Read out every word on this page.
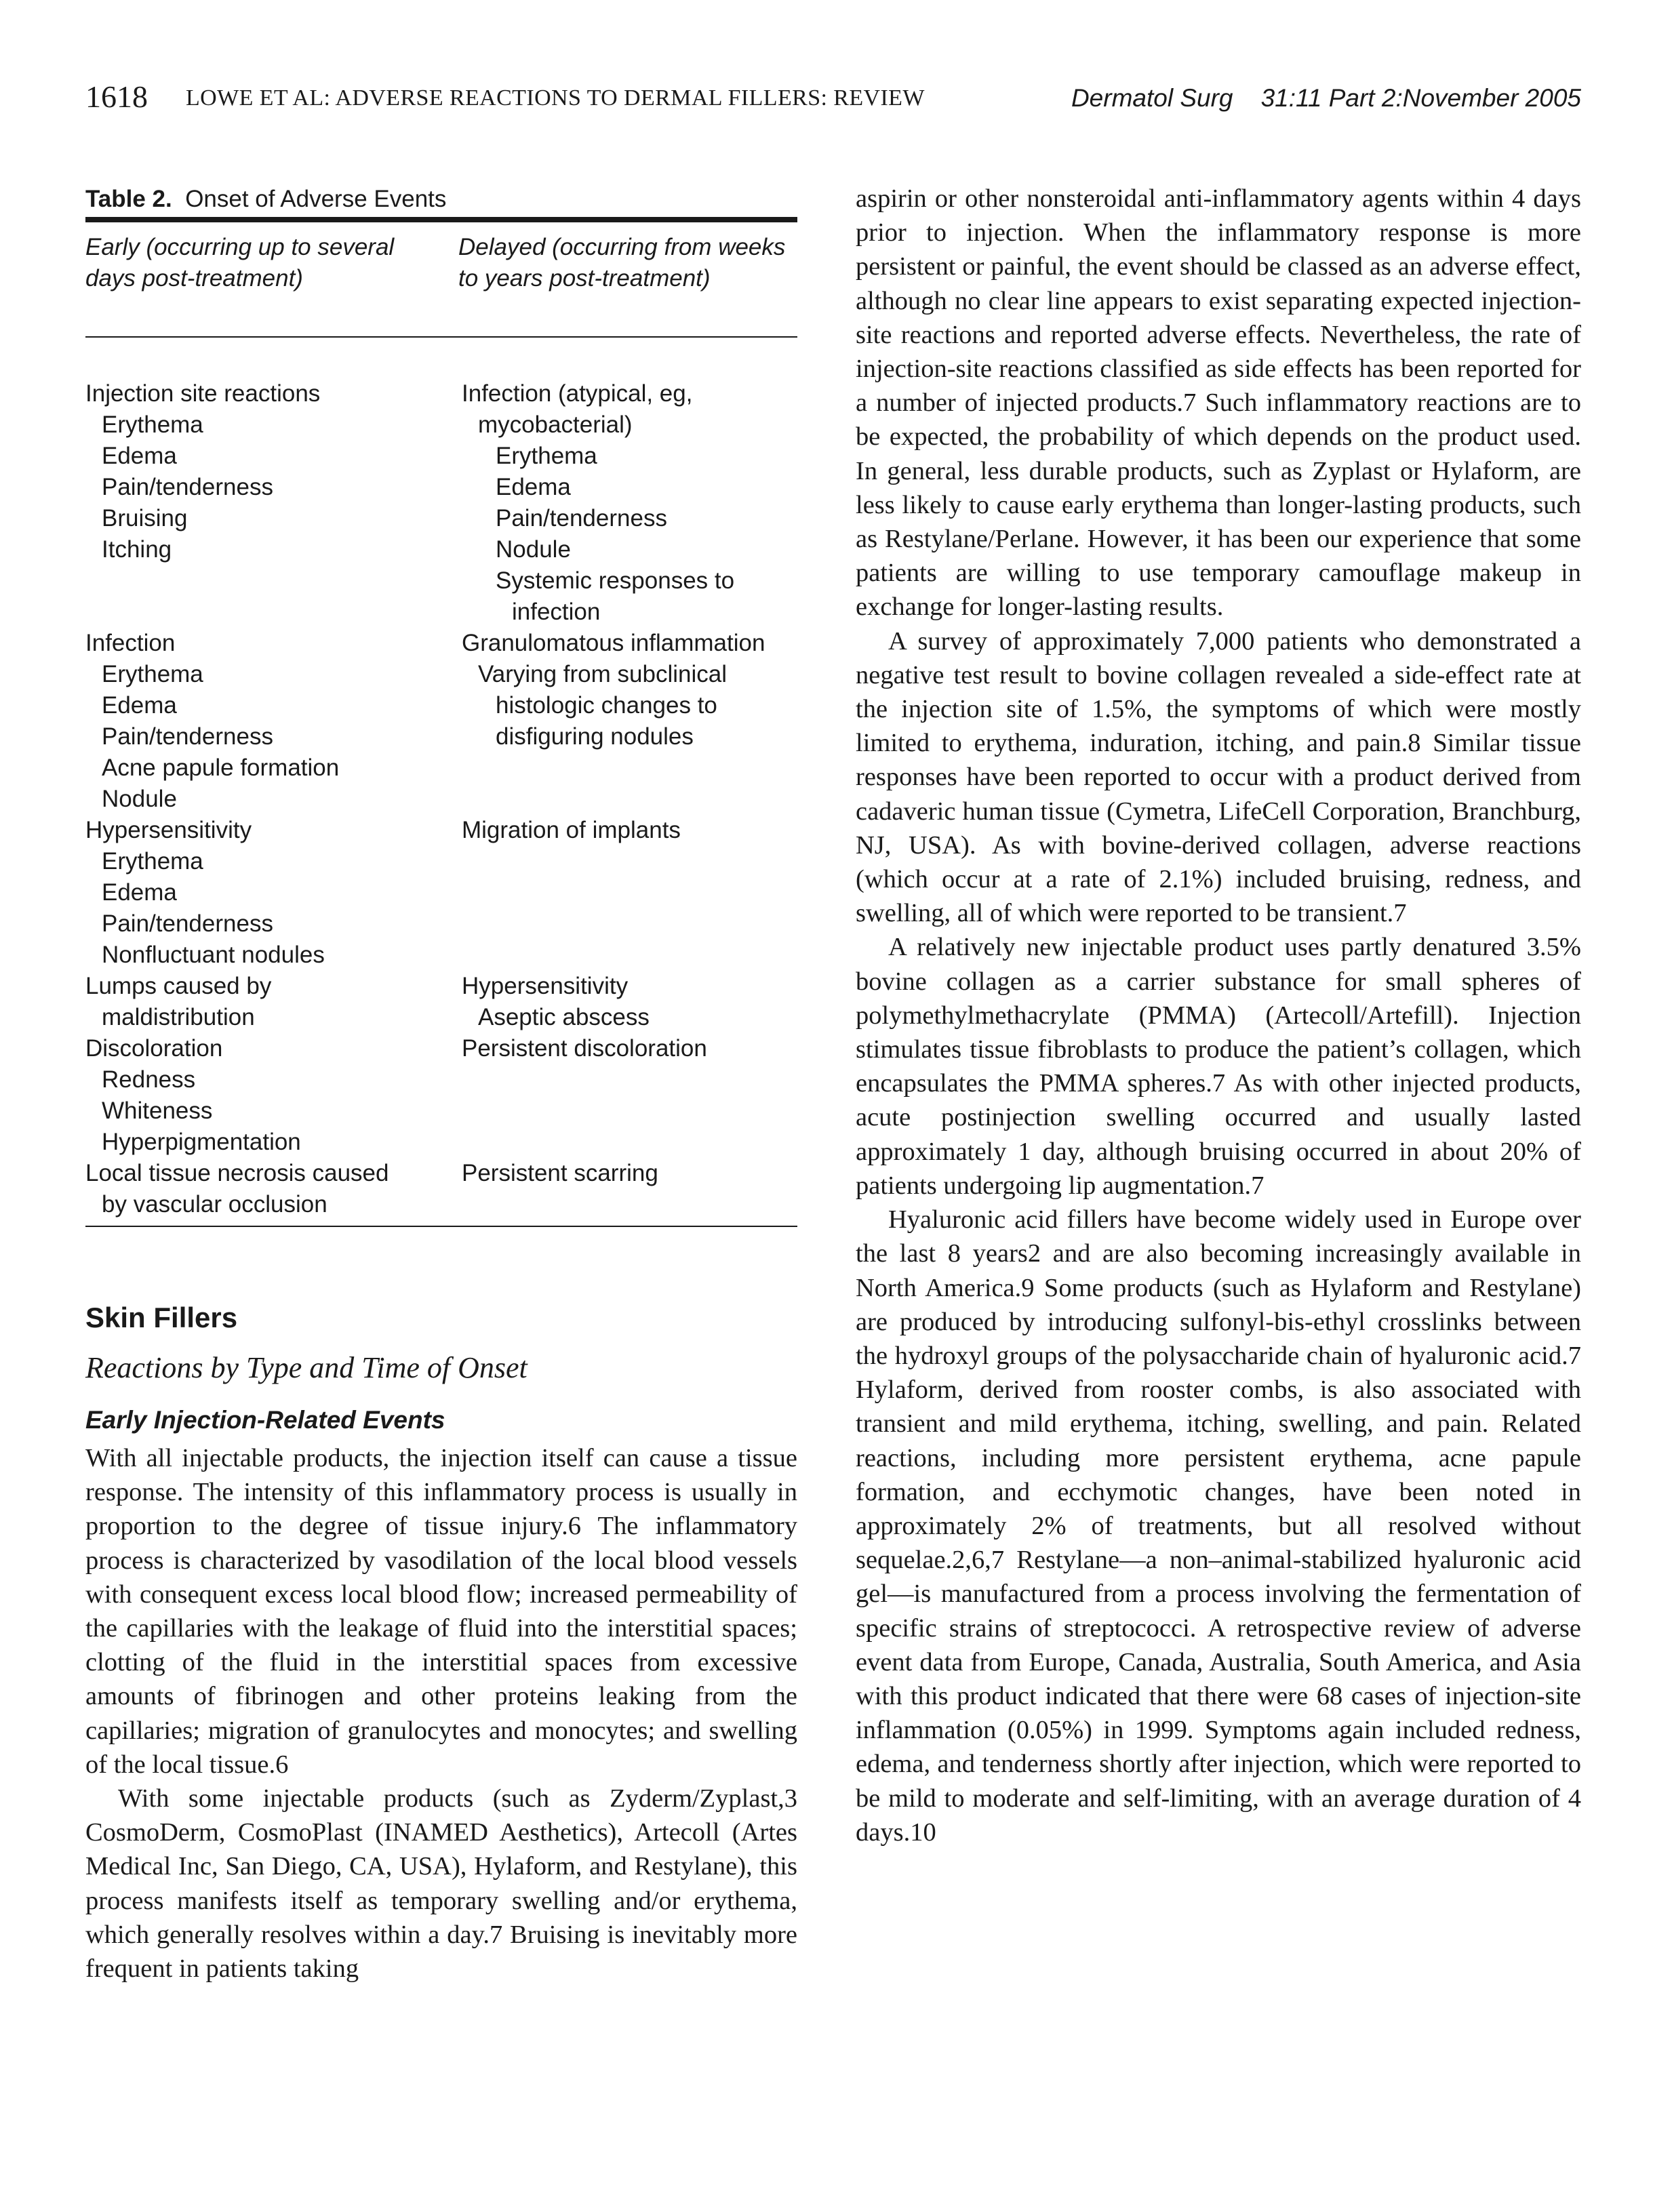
1618 LOWE ET AL: ADVERSE REACTIONS TO DERMAL FILLERS: REVIEW	Dermatol Surg    31:11 Part 2:November 2005
Table 2. Onset of Adverse Events
Early (occurring up to several days post-treatment)
Delayed (occurring from weeks to years post-treatment)
Injection site reactions
Erythema
Edema
Pain/tenderness
Bruising
Itching
Infection
Erythema
Edema
Pain/tenderness
Acne papule formation
Nodule
Hypersensitivity
Erythema
Edema
Pain/tenderness
Nonfluctuant nodules
Lumps caused by
maldistribution
Discoloration
Redness
Whiteness
Hyperpigmentation
Local tissue necrosis caused
by vascular occlusion
Infection (atypical, eg,
mycobacterial)
Erythema
Edema
Pain/tenderness
Nodule
Systemic responses to
infection
Granulomatous inflammation
Varying from subclinical
histologic changes to
disfiguring nodules
Migration of implants
Hypersensitivity
Aseptic abscess
Persistent discoloration
Persistent scarring
Skin Fillers
Reactions by Type and Time of Onset
Early Injection-Related Events

With all injectable products, the injection itself can cause a tissue response. The intensity of this inflammatory process is usually in proportion to the degree of tissue injury.6 The inflammatory process is characterized by vasodilation of the local blood vessels with consequent excess local blood flow; increased permeability of the capillaries with the leakage of fluid into the interstitial spaces; clotting of the fluid in the interstitial spaces from excessive amounts of fibrinogen and other proteins leaking from the capillaries; migration of granulocytes and monocytes; and swelling of the local tissue.6

With some injectable products (such as Zyderm/Zyplast,3 CosmoDerm, CosmoPlast (INAMED Aesthetics), Artecoll (Artes Medical Inc, San Diego, CA, USA), Hylaform, and Restylane), this process manifests itself as temporary swelling and/or erythema, which generally resolves within a day.7 Bruising is inevitably more frequent in patients taking

aspirin or other nonsteroidal anti-inflammatory agents within 4 days prior to injection. When the inflammatory response is more persistent or painful, the event should be classed as an adverse effect, although no clear line appears to exist separating expected injection-site reactions and reported adverse effects. Nevertheless, the rate of injection-site reactions classified as side effects has been reported for a number of injected products.7 Such inflammatory reactions are to be expected, the probability of which depends on the product used. In general, less durable products, such as Zyplast or Hylaform, are less likely to cause early erythema than longer-lasting products, such as Restylane/Perlane. However, it has been our experience that some patients are willing to use temporary camouflage makeup in exchange for longer-lasting results.

A survey of approximately 7,000 patients who demonstrated a negative test result to bovine collagen revealed a side-effect rate at the injection site of 1.5%, the symptoms of which were mostly limited to erythema, induration, itching, and pain.8 Similar tissue responses have been reported to occur with a product derived from cadaveric human tissue (Cymetra, LifeCell Corporation, Branchburg, NJ, USA). As with bovine-derived collagen, adverse reactions (which occur at a rate of 2.1%) included bruising, redness, and swelling, all of which were reported to be transient.7

A relatively new injectable product uses partly denatured 3.5% bovine collagen as a carrier substance for small spheres of polymethylmethacrylate (PMMA) (Artecoll/Artefill). Injection stimulates tissue fibroblasts to produce the patient’s collagen, which encapsulates the PMMA spheres.7 As with other injected products, acute postinjection swelling occurred and usually lasted approximately 1 day, although bruising occurred in about 20% of patients undergoing lip augmentation.7

Hyaluronic acid fillers have become widely used in Europe over the last 8 years2 and are also becoming increasingly available in North America.9 Some products (such as Hylaform and Restylane) are produced by introducing sulfonyl-bis-ethyl crosslinks between the hydroxyl groups of the polysaccharide chain of hyaluronic acid.7 Hylaform, derived from rooster combs, is also associated with transient and mild erythema, itching, swelling, and pain. Related reactions, including more persistent erythema, acne papule formation, and ecchymotic changes, have been noted in approximately 2% of treatments, but all resolved without sequelae.2,6,7 Restylane—a non–animal-stabilized hyaluronic acid gel—is manufactured from a process involving the fermentation of specific strains of streptococci. A retrospective review of adverse event data from Europe, Canada, Australia, South America, and Asia with this product indicated that there were 68 cases of injection-site inflammation (0.05%) in 1999. Symptoms again included redness, edema, and tenderness shortly after injection, which were reported to be mild to moderate and self-limiting, with an average duration of 4 days.10
